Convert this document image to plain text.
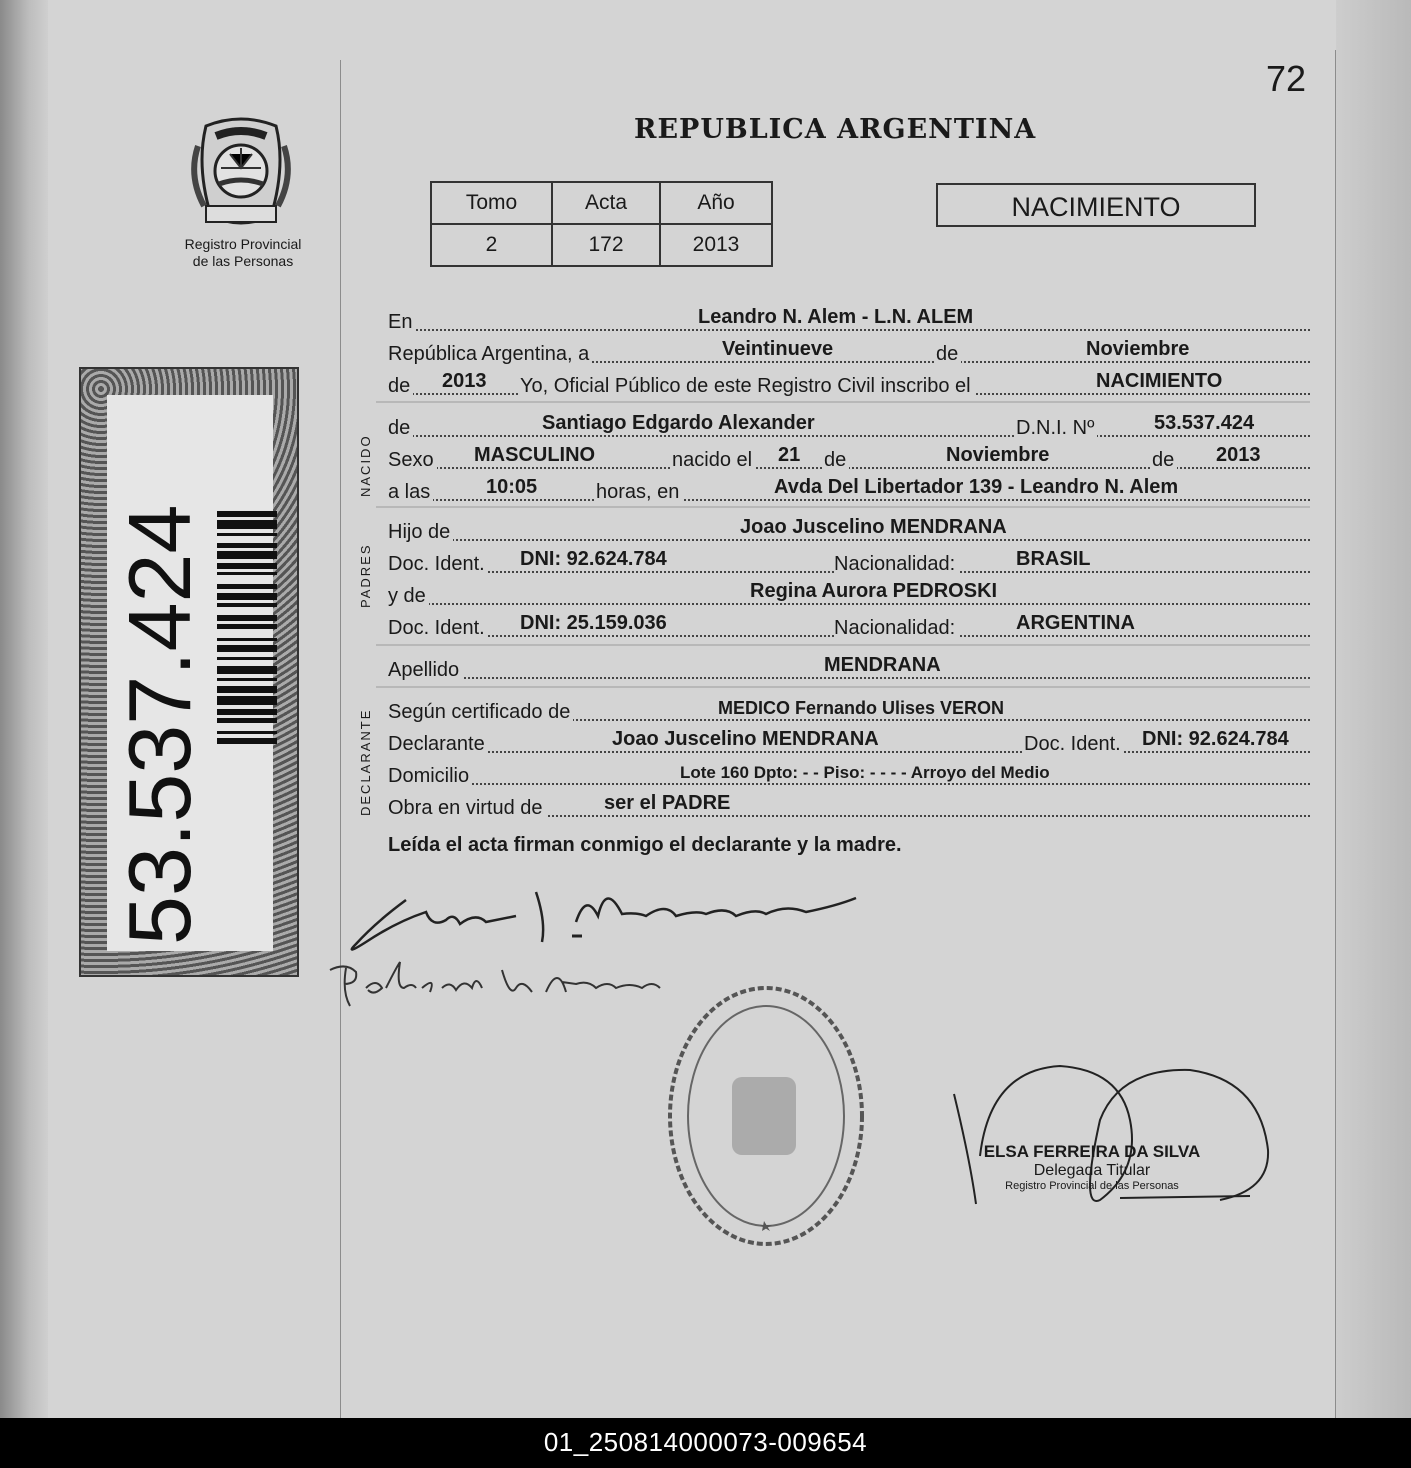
72
REPUBLICA ARGENTINA
Registro Provincial
de las Personas
53.537.424
Tomo	Acta	Año
2	172	2013
NACIMIENTO
En	Leandro N. Alem - L.N. ALEM
República Argentina, a	Veintinueve	de	Noviembre
de 2013 Yo, Oficial Público de este Registro Civil inscribo el	NACIMIENTO
NACIDO
de	Santiago Edgardo Alexander	D.N.I. Nº	53.537.424
Sexo MASCULINO	nacido el 21 de	Noviembre	de 2013
a las	10:05	horas, en	Avda Del Libertador 139 - Leandro N. Alem
PADRES
Hijo de	Joao Juscelino MENDRANA
Doc. Ident. DNI: 92.624.784	Nacionalidad:	BRASIL
y de	Regina Aurora PEDROSKI
Doc. Ident. DNI: 25.159.036	Nacionalidad:	ARGENTINA
Apellido	MENDRANA
DECLARANTE Según certificado de	MEDICO Fernando Ulises VERON
Declarante	Joao Juscelino MENDRANA	Doc. Ident. DNI: 92.624.784
Domicilio	Lote 160 Dpto: - - Piso: - - - - Arroyo del Medio
Obra en virtud de	ser el PADRE
Leída el acta firman conmigo el declarante y la madre.
ELSA FERREIRA DA SILVA
Delegada Titular
Registro Provincial de las Personas
01_250814000073-009654
